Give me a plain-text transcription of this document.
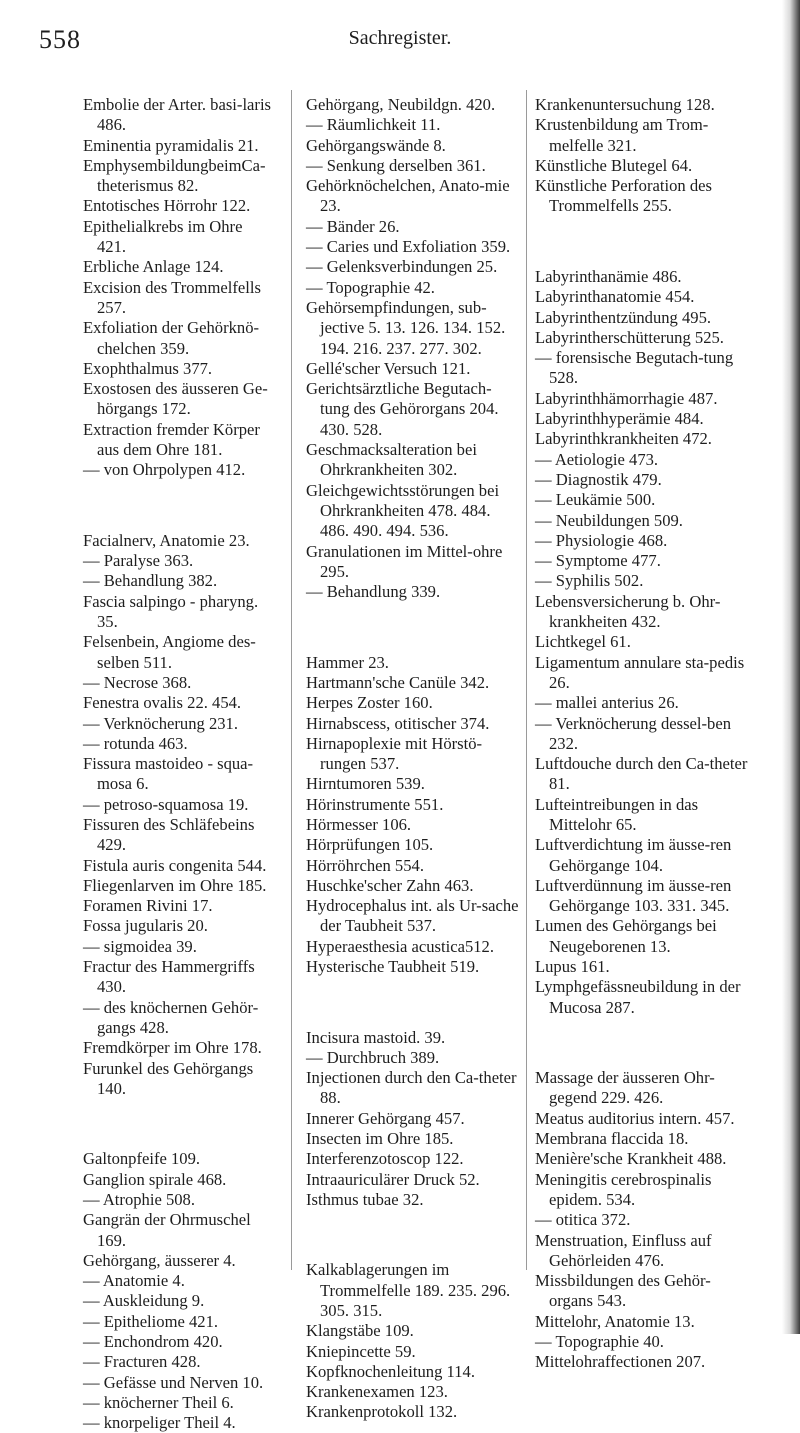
558	Sachregister.

Embolie der Arter. basi-laris 486.

Eminentia pyramidalis 21.

EmphysembildungbeimCa-theterismus 82.

Entotisches Hörrohr 122.

Epithelialkrebs im Ohre 421.

Erbliche Anlage 124.

Excision des Trommelfells 257.

Exfoliation der Gehörknö-chelchen 359.

Exophthalmus 377.

Exostosen des äusseren Ge-hörgangs 172.

Extraction fremder Körper aus dem Ohre 181.

— von Ohrpolypen 412.

Facialnerv, Anatomie 23.

— Paralyse 363.

— Behandlung 382.

Fascia salpingo - pharyng. 35.

Felsenbein, Angiome des-selben 511.

— Necrose 368.

Fenestra ovalis 22. 454.

— Verknöcherung 231.

— rotunda 463.

Fissura mastoideo - squa-mosa 6.

— petroso-squamosa 19.

Fissuren des Schläfebeins 429.

Fistula auris congenita 544.

Fliegenlarven im Ohre 185.

Foramen Rivini 17.

Fossa jugularis 20.

— sigmoidea 39.

Fractur des Hammergriffs 430.

— des knöchernen Gehör-gangs 428.

Fremdkörper im Ohre 178.

Furunkel des Gehörgangs 140.

Galtonpfeife 109.

Ganglion spirale 468.

— Atrophie 508.

Gangrän der Ohrmuschel 169.

Gehörgang, äusserer 4.

— Anatomie 4.

— Auskleidung 9.

— Epitheliome 421.

— Enchondrom 420.

— Fracturen 428.

— Gefässe und Nerven 10.

— knöcherner Theil 6.

— knorpeliger Theil 4.

Gehörgang, Neubildgn. 420.

— Räumlichkeit 11.

Gehörgangswände 8.

— Senkung derselben 361.

Gehörknöchelchen, Anato-mie 23.

— Bänder 26.

— Caries und Exfoliation 359.

— Gelenksverbindungen 25.

— Topographie 42.

Gehörsempfindungen, sub-jective 5. 13. 126. 134. 152. 194. 216. 237. 277. 302.

Gellé'scher Versuch 121.

Gerichtsärztliche Begutach-tung des Gehörorgans 204. 430. 528.

Geschmacksalteration bei Ohrkrankheiten 302.

Gleichgewichtsstörungen bei Ohrkrankheiten 478. 484. 486. 490. 494. 536.

Granulationen im Mittel-ohre 295.

— Behandlung 339.

Hammer 23.

Hartmann'sche Canüle 342.

Herpes Zoster 160.

Hirnabscess, otitischer 374.

Hirnapoplexie mit Hörstö-rungen 537.

Hirntumoren 539.

Hörinstrumente 551.

Hörmesser 106.

Hörprüfungen 105.

Hörröhrchen 554.

Huschke'scher Zahn 463.

Hydrocephalus int. als Ur-sache der Taubheit 537.

Hyperaesthesia acustica512.

Hysterische Taubheit 519.

Incisura mastoid. 39.

— Durchbruch 389.

Injectionen durch den Ca-theter 88.

Innerer Gehörgang 457.

Insecten im Ohre 185.

Interferenzotoscop 122.

Intraauriculärer Druck 52.

Isthmus tubae 32.

Kalkablagerungen im Trommelfelle 189. 235. 296. 305. 315.

Klangstäbe 109.

Kniepincette 59.

Kopfknochenleitung 114.

Krankenexamen 123.

Krankenprotokoll 132.

Krankenuntersuchung 128.

Krustenbildung am Trom-melfelle 321.

Künstliche Blutegel 64.

Künstliche Perforation des Trommelfells 255.

Labyrinthanämie 486.

Labyrinthanatomie 454.

Labyrinthentzündung 495.

Labyrintherschütterung 525.

— forensische Begutach-tung 528.

Labyrinthhämorrhagie 487.

Labyrinthhyperämie 484.

Labyrinthkrankheiten 472.

— Aetiologie 473.

— Diagnostik 479.

— Leukämie 500.

— Neubildungen 509.

— Physiologie 468.

— Symptome 477.

— Syphilis 502.

Lebensversicherung b. Ohr-krankheiten 432.

Lichtkegel 61.

Ligamentum annulare sta-pedis 26.

— mallei anterius 26.

— Verknöcherung dessel-ben 232.

Luftdouche durch den Ca-theter 81.

Lufteintreibungen in das Mittelohr 65.

Luftverdichtung im äusse-ren Gehörgange 104.

Luftverdünnung im äusse-ren Gehörgange 103. 331. 345.

Lumen des Gehörgangs bei Neugeborenen 13.

Lupus 161.

Lymphgefässneubildung in der Mucosa 287.

Massage der äusseren Ohr-gegend 229. 426.

Meatus auditorius intern. 457.

Membrana flaccida 18.

Menière'sche Krankheit 488.

Meningitis cerebrospinalis epidem. 534.

— otitica 372.

Menstruation, Einfluss auf Gehörleiden 476.

Missbildungen des Gehör-organs 543.

Mittelohr, Anatomie 13.

— Topographie 40.

Mittelohraffectionen 207.
